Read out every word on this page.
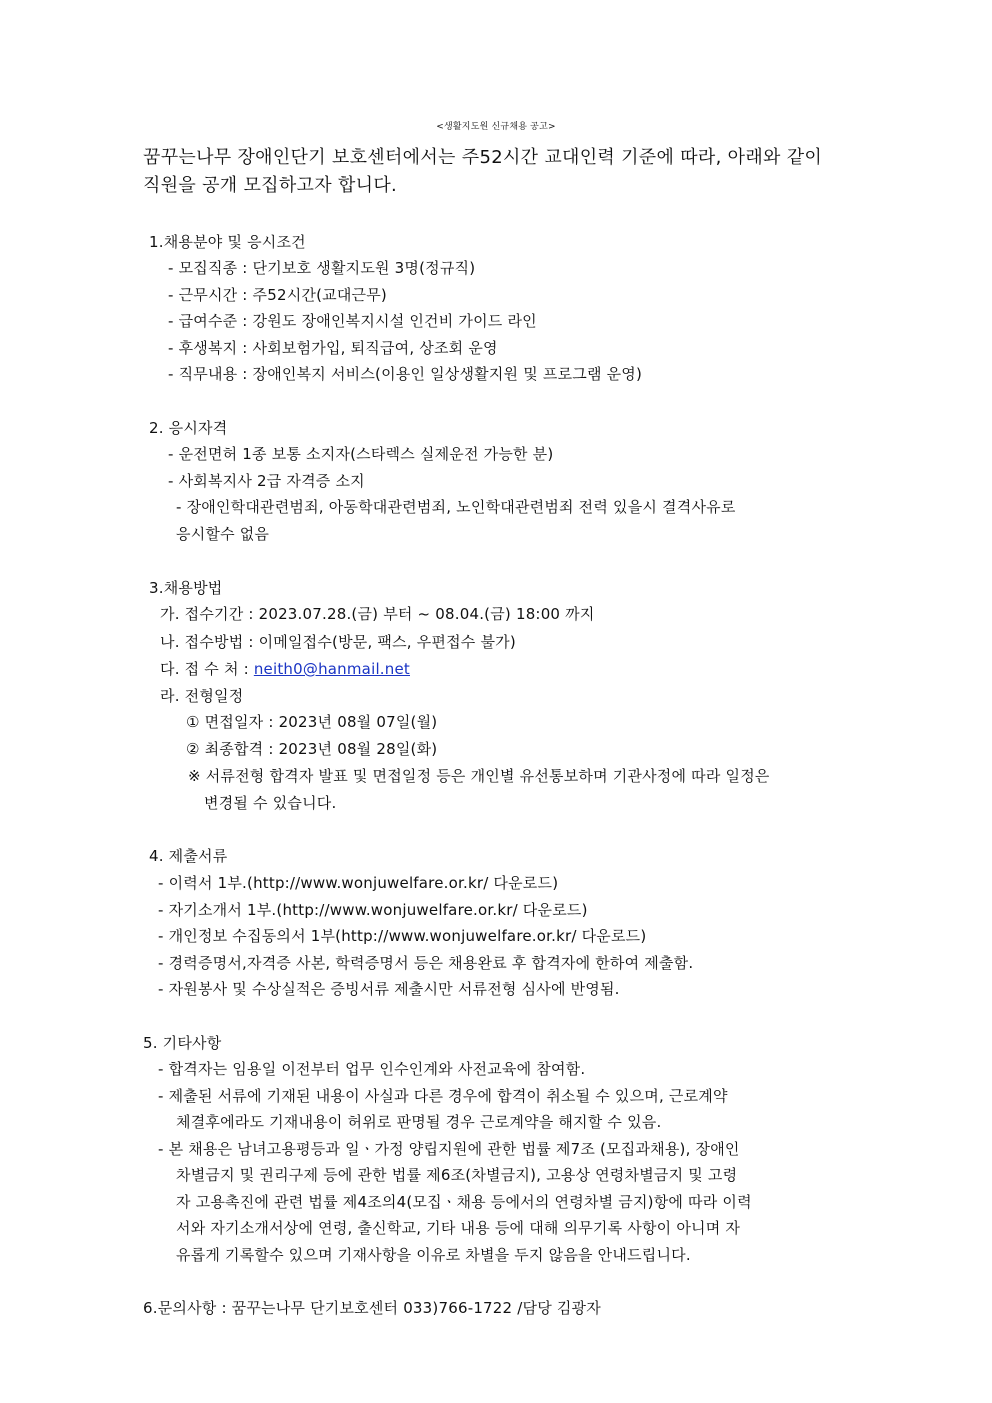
<생활지도원 신규채용 공고>
꿈꾸는나무 장애인단기 보호센터에서는 주52시간 교대인력 기준에 따라, 아래와 같이
직원을 공개 모집하고자 합니다.
1.채용분야 및 응시조건
- 모집직종 : 단기보호 생활지도원 3명(정규직)
- 근무시간 : 주52시간(교대근무)
- 급여수준 : 강원도 장애인복지시설 인건비 가이드 라인
- 후생복지 : 사회보험가입, 퇴직급여, 상조회 운영
- 직무내용 : 장애인복지 서비스(이용인 일상생활지원 및 프로그램 운영)
2. 응시자격
- 운전면허 1종 보통 소지자(스타렉스 실제운전 가능한 분)
- 사회복지사 2급 자격증 소지
- 장애인학대관련범죄, 아동학대관련범죄, 노인학대관련범죄 전력 있을시 결격사유로
응시할수 없음
3.채용방법
가. 접수기간 : 2023.07.28.(금) 부터 ~ 08.04.(금) 18:00 까지
나. 접수방법 : 이메일접수(방문, 팩스, 우편접수 불가)
다. 접 수 처 : neith0@hanmail.net
라. 전형일정
① 면접일자 : 2023년 08월 07일(월)
② 최종합격 : 2023년 08월 28일(화)
※ 서류전형 합격자 발표 및 면접일정 등은 개인별 유선통보하며 기관사정에 따라 일정은
변경될 수 있습니다.
4. 제출서류
- 이력서 1부.(http://www.wonjuwelfare.or.kr/ 다운로드)
- 자기소개서 1부.(http://www.wonjuwelfare.or.kr/ 다운로드)
- 개인정보 수집동의서 1부(http://www.wonjuwelfare.or.kr/ 다운로드)
- 경력증명서,자격증 사본, 학력증명서 등은 채용완료 후 합격자에 한하여 제출함.
- 자원봉사 및 수상실적은 증빙서류 제출시만 서류전형 심사에 반영됨.
5. 기타사항
- 합격자는 임용일 이전부터 업무 인수인계와 사전교육에 참여함.
- 제출된 서류에 기재된 내용이 사실과 다른 경우에 합격이 취소될 수 있으며, 근로계약
체결후에라도 기재내용이 허위로 판명될 경우 근로계약을 해지할 수 있음.
- 본 채용은 남녀고용평등과 일ㆍ가정 양립지원에 관한 법률 제7조 (모집과채용), 장애인
차별금지 및 권리구제 등에 관한 법률 제6조(차별금지), 고용상 연령차별금지 및 고령
자 고용촉진에 관련 법률 제4조의4(모집ㆍ채용 등에서의 연령차별 금지)항에 따라 이력
서와 자기소개서상에 연령, 출신학교, 기타 내용 등에 대해 의무기록 사항이 아니며 자
유롭게 기록할수 있으며 기재사항을 이유로 차별을 두지 않음을 안내드립니다.
6.문의사항 : 꿈꾸는나무 단기보호센터 033)766-1722 /담당 김광자
